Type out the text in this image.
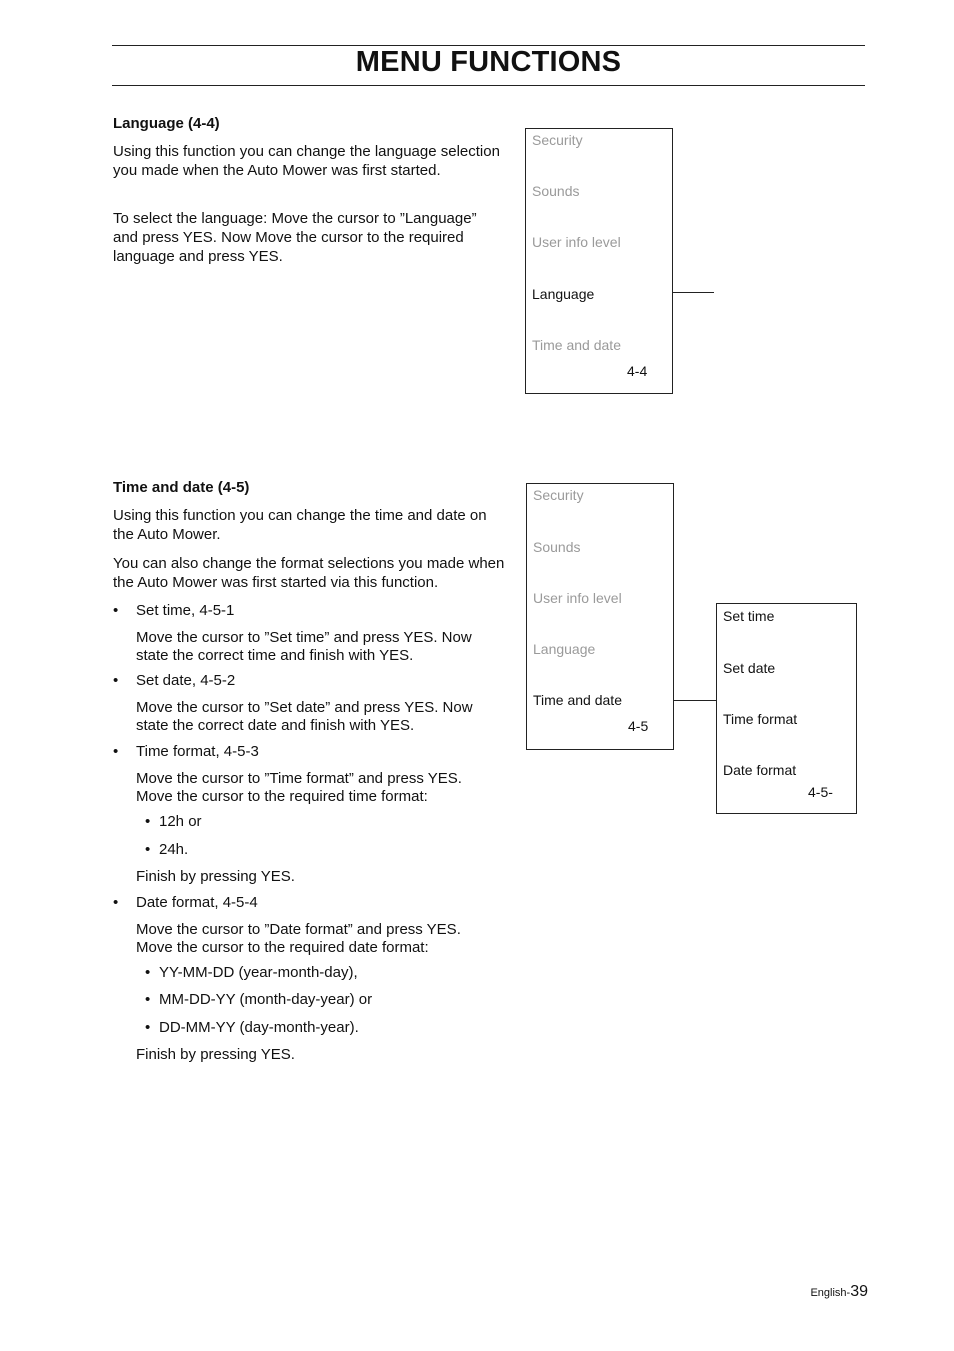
MENU FUNCTIONS
Language (4-4)

Using this function you can change the language selection you made when the Auto Mower was first started.

To select the language: Move the cursor to ”Language” and press YES. Now Move the cursor to the required language and press YES.

Security
Sounds
User info level
Language
Time and date
4-4
Time and date (4-5)

Using this function you can change the time and date on the Auto Mower.

You can also change the format selections you made when the Auto Mower was first started via this function.

• Set time, 4-5-1
Move the cursor to ”Set time” and press YES. Now state the correct time and finish with YES.
• Set date, 4-5-2
Move the cursor to ”Set date” and press YES. Now state the correct date and finish with YES.
• Time format, 4-5-3
Move the cursor to ”Time format” and press YES. Move the cursor to the required time format:
• 12h or
• 24h.
Finish by pressing YES.
• Date format, 4-5-4
Move the cursor to ”Date format” and press YES. Move the cursor to the required date format:
• YY-MM-DD (year-month-day),
• MM-DD-YY (month-day-year) or
• DD-MM-YY (day-month-year).
Finish by pressing YES.
Security
Sounds
User info level
Language
Time and date
4-5
Set time
Set date
Time format
Date format
4-5-
English-39
